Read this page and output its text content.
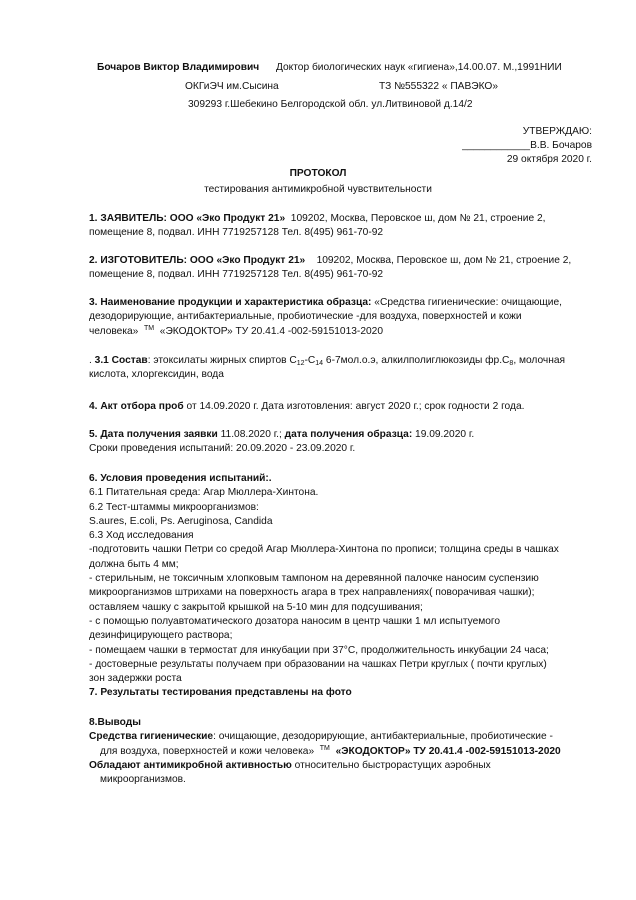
Бочаров Виктор Владимирович Доктор биологических наук «гигиена»,14.00.07. М.,1991НИИ
ОКГиЭЧ им.Сысина	ТЗ №555322 « ПАВЭКО»
309293 г.Шебекино Белгородской обл. ул.Литвиновой д.14/2
УТВЕРЖДАЮ:
____________В.В. Бочаров
29 октября 2020 г.
ПРОТОКОЛ
тестирования антимикробной чувствительности

1. ЗАЯВИТЕЛЬ: ООО «Эко Продукт 21» 109202, Москва, Перовское ш, дом № 21, строение 2,

помещение 8, подвал. ИНН 7719257128 Тел. 8(495) 961-70-92

2. ИЗГОТОВИТЕЛЬ: ООО «Эко Продукт 21» 109202, Москва, Перовское ш, дом № 21, строение 2,

помещение 8, подвал. ИНН 7719257128 Тел. 8(495) 961-70-92

3. Наименование продукции и характеристика образца: «Средства гигиенические: очищающие,

дезодорирующие, антибактериальные, пробиотические -для воздуха, поверхностей и кожи

человека» ™ «ЭКОДОКТОР» ТУ 20.41.4 -002-59151013-2020

. 3.1 Состав: этоксилаты жирных спиртов $С_{12}-С_{14}$ 6-7мол.о.э, алкилполиглюкозиды $фр.С_8$, молочная

кислота, хлоргексидин, вода

4. Акт отбора проб от 14.09.2020 г. Дата изготовления: август 2020 г.; срок годности 2 года.

5. Дата получения заявки 11.08.2020 г.; дата получения образца: 19.09.2020 г.

Сроки проведения испытаний: 20.09.2020 - 23.09.2020 г.

6. Условия проведения испытаний:.

6.1 Питательная среда: Агар Мюллера-Хинтона.

6.2 Тест-штаммы микроорганизмов:

S.aures, E.coli, Ps. Aeruginosa, Candida

6.3 Ход исследования

-подготовить чашки Петри со средой Агар Мюллера-Хинтона по прописи; толщина среды в чашках

должна быть 4 мм;

- стерильным, не токсичным хлопковым тампоном на деревянной палочке наносим суспензию

микроорганизмов штрихами на поверхность агара в трех направлениях( поворачивая чашки);

оставляем чашку с закрытой крышкой на 5-10 мин для подсушивания;

- с помощью полуавтоматического дозатора наносим в центр чашки 1 мл испытуемого

дезинфицирующего раствора;

- помещаем чашки в термостат для инкубации при 37°С, продолжительность инкубации 24 часа;

- достоверные результаты получаем при образовании на чашках Петри круглых ( почти круглых)

зон задержки роста

7. Результаты тестирования представлены на фото

8.Выводы

Средства гигиенические: очищающие, дезодорирующие, антибактериальные, пробиотические -

для воздуха, поверхностей и кожи человека» ™ «ЭКОДОКТОР» ТУ 20.41.4 -002-59151013-2020

Обладают антимикробной активностью относительно быстрорастущих аэробных

микроорганизмов.
